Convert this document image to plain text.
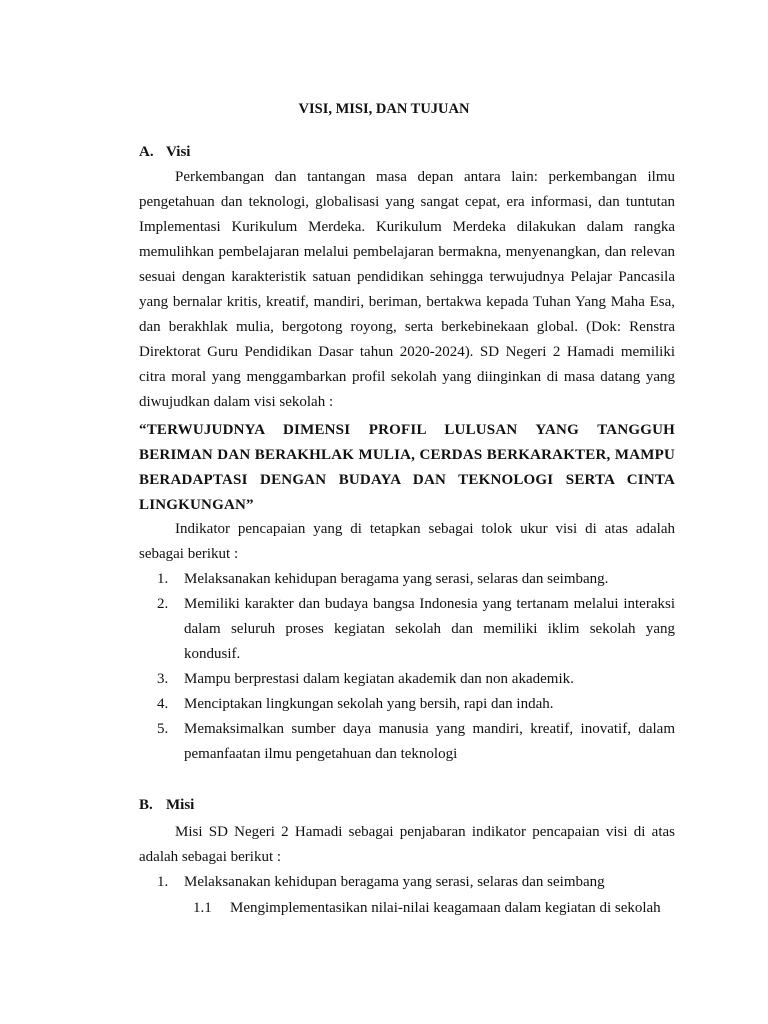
VISI, MISI, DAN TUJUAN
A. Visi

Perkembangan dan tantangan masa depan antara lain: perkembangan ilmu pengetahuan dan teknologi, globalisasi yang sangat cepat, era informasi, dan tuntutan Implementasi Kurikulum Merdeka. Kurikulum Merdeka dilakukan dalam rangka memulihkan pembelajaran melalui pembelajaran bermakna, menyenangkan, dan relevan sesuai dengan karakteristik satuan pendidikan sehingga terwujudnya Pelajar Pancasila yang bernalar kritis, kreatif, mandiri, beriman, bertakwa kepada Tuhan Yang Maha Esa, dan berakhlak mulia, bergotong royong, serta berkebinekaan global. (Dok: Renstra Direktorat Guru Pendidikan Dasar tahun 2020-2024). SD Negeri 2 Hamadi memiliki citra moral yang menggambarkan profil sekolah yang diinginkan di masa datang yang diwujudkan dalam visi sekolah :

“TERWUJUDNYA DIMENSI PROFIL LULUSAN YANG TANGGUH BERIMAN DAN BERAKHLAK MULIA, CERDAS BERKARAKTER, MAMPU BERADAPTASI DENGAN BUDAYA DAN TEKNOLOGI SERTA CINTA LINGKUNGAN”

Indikator pencapaian yang di tetapkan sebagai tolok ukur visi di atas adalah sebagai berikut :

1. Melaksanakan kehidupan beragama yang serasi, selaras dan seimbang.
2. Memiliki karakter dan budaya bangsa Indonesia yang tertanam melalui interaksi dalam seluruh proses kegiatan sekolah dan memiliki iklim sekolah yang kondusif.
3. Mampu berprestasi dalam kegiatan akademik dan non akademik.
4. Menciptakan lingkungan sekolah yang bersih, rapi dan indah.
5. Memaksimalkan sumber daya manusia yang mandiri, kreatif, inovatif, dalam pemanfaatan ilmu pengetahuan dan teknologi
B. Misi

Misi SD Negeri 2 Hamadi sebagai penjabaran indikator pencapaian visi di atas adalah sebagai berikut :

1. Melaksanakan kehidupan beragama yang serasi, selaras dan seimbang
1.1 Mengimplementasikan nilai-nilai keagamaan dalam kegiatan di sekolah
